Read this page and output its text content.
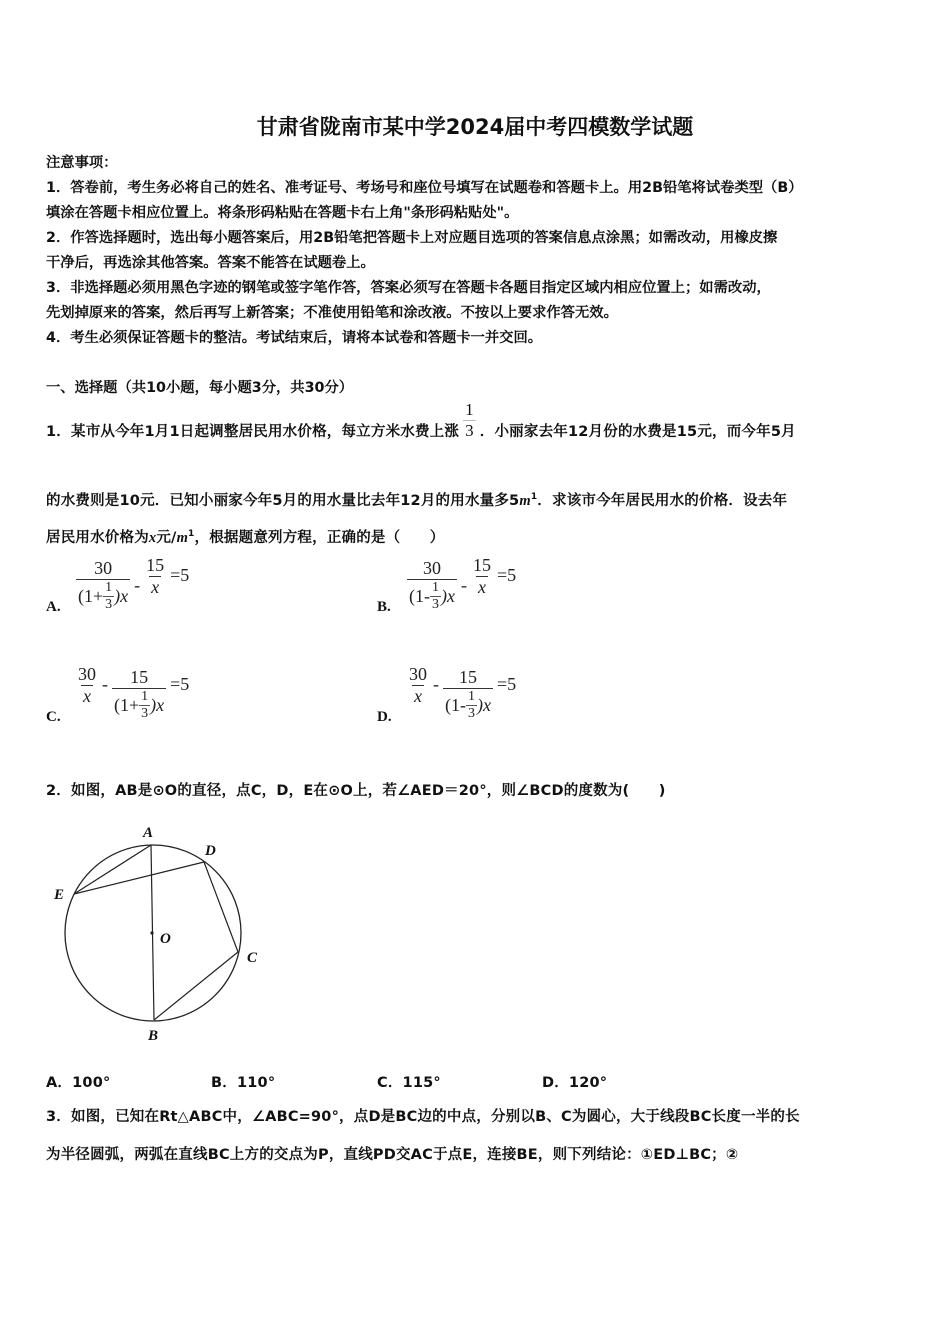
甘肃省陇南市某中学2024届中考四模数学试题
注意事项：
1．答卷前，考生务必将自己的姓名、准考证号、考场号和座位号填写在试题卷和答题卡上。用2B铅笔将试卷类型（B）
填涂在答题卡相应位置上。将条形码粘贴在答题卡右上角"条形码粘贴处"。
2．作答选择题时，选出每小题答案后，用2B铅笔把答题卡上对应题目选项的答案信息点涂黑；如需改动，用橡皮擦
干净后，再选涂其他答案。答案不能答在试题卷上。
3．非选择题必须用黑色字迹的钢笔或签字笔作答，答案必须写在答题卡各题目指定区域内相应位置上；如需改动，
先划掉原来的答案，然后再写上新答案；不准使用铅笔和涂改液。不按以上要求作答无效。
4．考生必须保证答题卡的整洁。考试结束后，请将本试卷和答题卡一并交回。
一、选择题（共10小题，每小题3分，共30分）
1．某市从今年1月1日起调整居民用水价格，每立方米水费上涨 $\frac{1}{3}$ ．小丽家去年12月份的水费是15元，而今年5月
的水费则是10元．已知小丽家今年5月的用水量比去年12月的用水量多$5m^1$．求该市今年居民用水的价格．设去年
居民用水价格为x元$/m^1$，根据题意列方程，正确的是（　　）
A. $\frac{30}{(1+ \frac{1}{3} )x} - \frac{15}{x} =5$
B. $\frac{30}{(1- \frac{1}{3} )x} - \frac{15}{x} =5$
C.
$\frac{30}{x} - \frac{15}{(1+ \frac{1}{3} )x} =5$
D.
$\frac{30}{x} - \frac{15}{(1- \frac{1}{3} )x} =5$
2．如图，AB是⊙O的直径，点C，D，E在⊙O上，若∠AED＝20°，则∠BCD的度数为(　　)
A
D
E
O
C
B
A．100°	B．110°	C．115°	D．120°
3．如图，已知在Rt△ABC中，∠ABC=90°，点D是BC边的中点，分别以B、C为圆心，大于线段BC长度一半的长
为半径圆弧，两弧在直线BC上方的交点为P，直线PD交AC于点E，连接BE，则下列结论：①ED⊥BC；②
